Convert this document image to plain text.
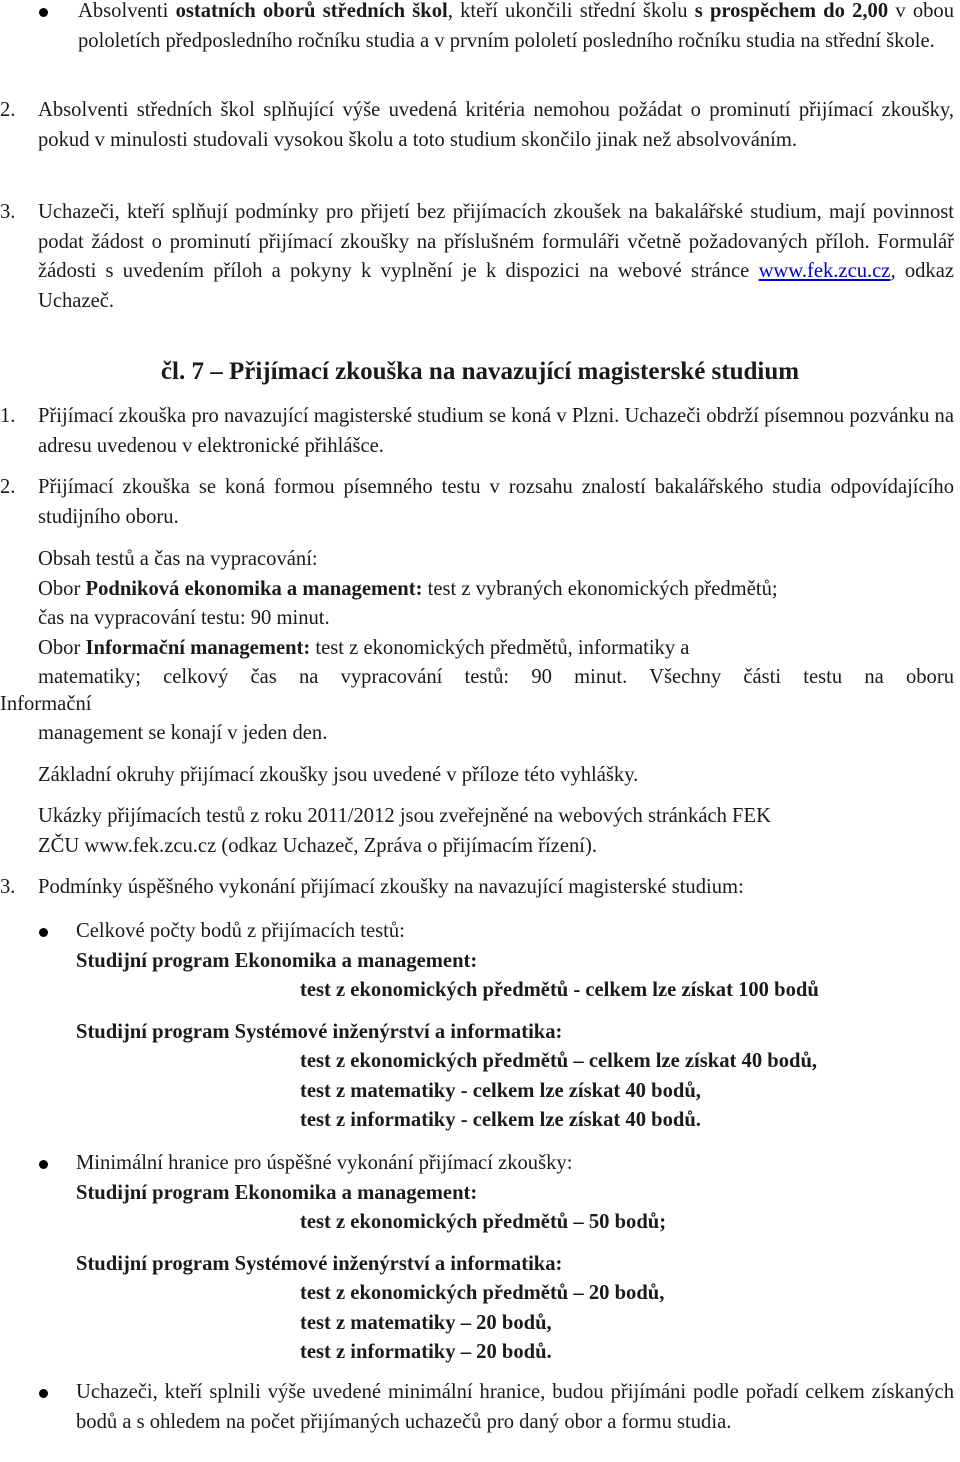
Absolventi ostatních oborů středních škol, kteří ukončili střední školu s prospěchem do 2,00 v obou pololetích předposledního ročníku studia a v prvním pololetí posledního ročníku studia na střední škole.
2. Absolventi středních škol splňující výše uvedená kritéria nemohou požádat o prominutí přijímací zkoušky, pokud v minulosti studovali vysokou školu a toto studium skončilo jinak než absolvováním.
3. Uchazeči, kteří splňují podmínky pro přijetí bez přijímacích zkoušek na bakalářské studium, mají povinnost podat žádost o prominutí přijímací zkoušky na příslušném formuláři včetně požadovaných příloh. Formulář žádosti s uvedením příloh a pokyny k vyplnění je k dispozici na webové stránce www.fek.zcu.cz, odkaz Uchazeč.
čl. 7 – Přijímací zkouška na navazující magisterské studium
1. Přijímací zkouška pro navazující magisterské studium se koná v Plzni. Uchazeči obdrží písemnou pozvánku na adresu uvedenou v elektronické přihlášce.
2. Přijímací zkouška se koná formou písemného testu v rozsahu znalostí bakalářského studia odpovídajícího studijního oboru.
Obsah testů a čas na vypracování:
Obor Podniková ekonomika a management: test z vybraných ekonomických předmětů;
čas na vypracování testu: 90 minut.
Obor Informační management: test z ekonomických předmětů, informatiky a
matematiky; celkový čas na vypracování testů: 90 minut. Všechny části testu na oboru
Informační
management se konají v jeden den.
Základní okruhy přijímací zkoušky jsou uvedené v příloze této vyhlášky.
Ukázky přijímacích testů z roku 2011/2012 jsou zveřejněné na webových stránkách FEK
ZČU www.fek.zcu.cz (odkaz Uchazeč, Zpráva o přijímacím řízení).
3. Podmínky úspěšného vykonání přijímací zkoušky na navazující magisterské studium:
Celkové počty bodů z přijímacích testů:
Studijní program Ekonomika a management:
test z ekonomických předmětů - celkem lze získat 100 bodů
Studijní program Systémové inženýrství a informatika:
test z ekonomických předmětů – celkem lze získat 40 bodů,
test z matematiky - celkem lze získat 40 bodů,
test z informatiky - celkem lze získat 40 bodů.
Minimální hranice pro úspěšné vykonání přijímací zkoušky:
Studijní program Ekonomika a management:
test z ekonomických předmětů – 50 bodů;
Studijní program Systémové inženýrství a informatika:
test z ekonomických předmětů – 20 bodů,
test z matematiky – 20 bodů,
test z informatiky – 20 bodů.
Uchazeči, kteří splnili výše uvedené minimální hranice, budou přijímáni podle pořadí celkem získaných bodů a s ohledem na počet přijímaných uchazečů pro daný obor a formu studia.
